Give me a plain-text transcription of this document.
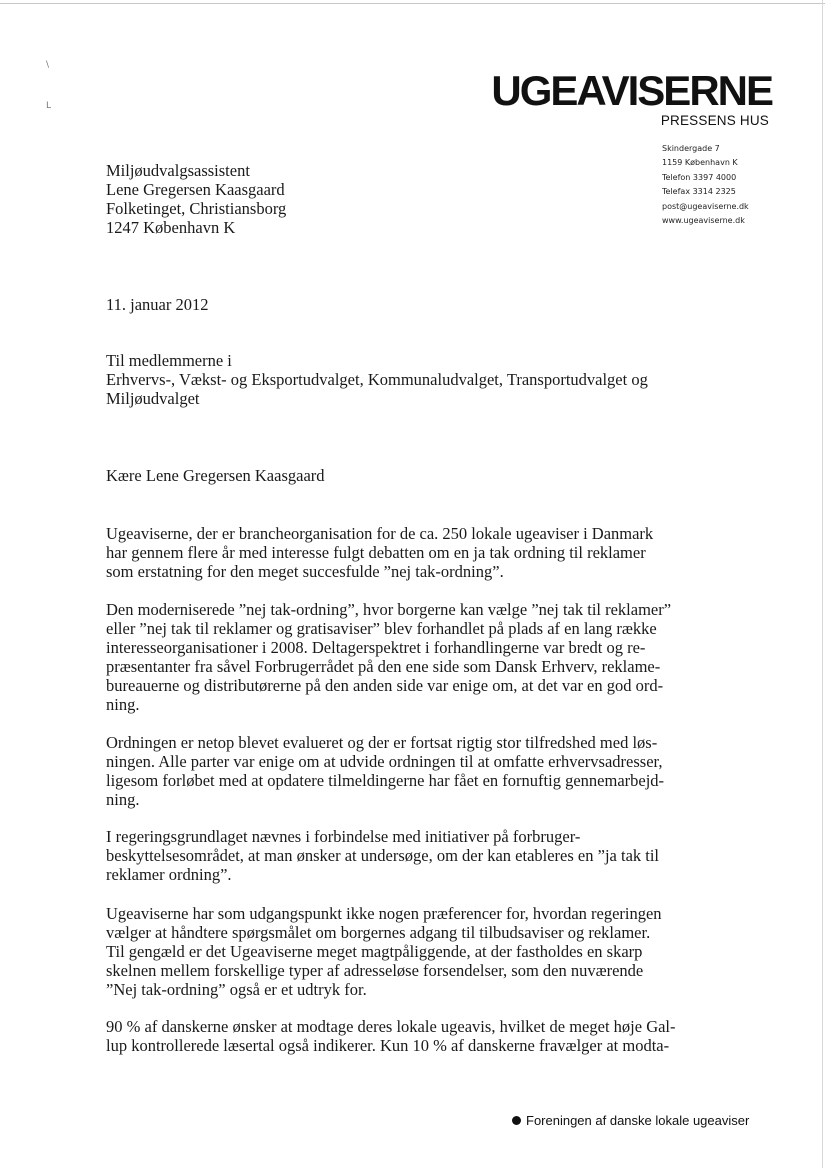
\
L	UGEAVISERNE
PRESSENS HUS
Skindergade 7
1159 København K
Telefon 3397 4000
Telefax 3314 2325
post@ugeaviserne.dk
www.ugeaviserne.dk
Miljøudvalgsassistent
Lene Gregersen Kaasgaard
Folketinget, Christiansborg
1247 København K
11. januar 2012
Til medlemmerne i
Erhvervs-, Vækst- og Eksportudvalget, Kommunaludvalget, Transportudvalget og
Miljøudvalget
Kære Lene Gregersen Kaasgaard
Ugeaviserne, der er brancheorganisation for de ca. 250 lokale ugeaviser i Danmark
har gennem flere år med interesse fulgt debatten om en ja tak ordning til reklamer
som erstatning for den meget succesfulde ”nej tak-ordning”.
Den moderniserede ”nej tak-ordning”, hvor borgerne kan vælge ”nej tak til reklamer”
eller ”nej tak til reklamer og gratisaviser” blev forhandlet på plads af en lang række
interesseorganisationer i 2008. Deltagerspektret i forhandlingerne var bredt og re-
præsentanter fra såvel Forbrugerrådet på den ene side som Dansk Erhverv, reklame-
bureauerne og distributørerne på den anden side var enige om, at det var en god ord-
ning.
Ordningen er netop blevet evalueret og der er fortsat rigtig stor tilfredshed med løs-
ningen. Alle parter var enige om at udvide ordningen til at omfatte erhvervsadresser,
ligesom forløbet med at opdatere tilmeldingerne har fået en fornuftig gennemarbejd-
ning.
I regeringsgrundlaget nævnes i forbindelse med initiativer på forbruger-
beskyttelsesområdet, at man ønsker at undersøge, om der kan etableres en ”ja tak til
reklamer ordning”.
Ugeaviserne har som udgangspunkt ikke nogen præferencer for, hvordan regeringen
vælger at håndtere spørgsmålet om borgernes adgang til tilbudsaviser og reklamer.
Til gengæld er det Ugeaviserne meget magtpåliggende, at der fastholdes en skarp
skelnen mellem forskellige typer af adresseløse forsendelser, som den nuværende
”Nej tak-ordning” også er et udtryk for.
90 % af danskerne ønsker at modtage deres lokale ugeavis, hvilket de meget høje Gal-
lup kontrollerede læsertal også indikerer. Kun 10 % af danskerne fravælger at modta-
Foreningen af danske lokale ugeaviser
